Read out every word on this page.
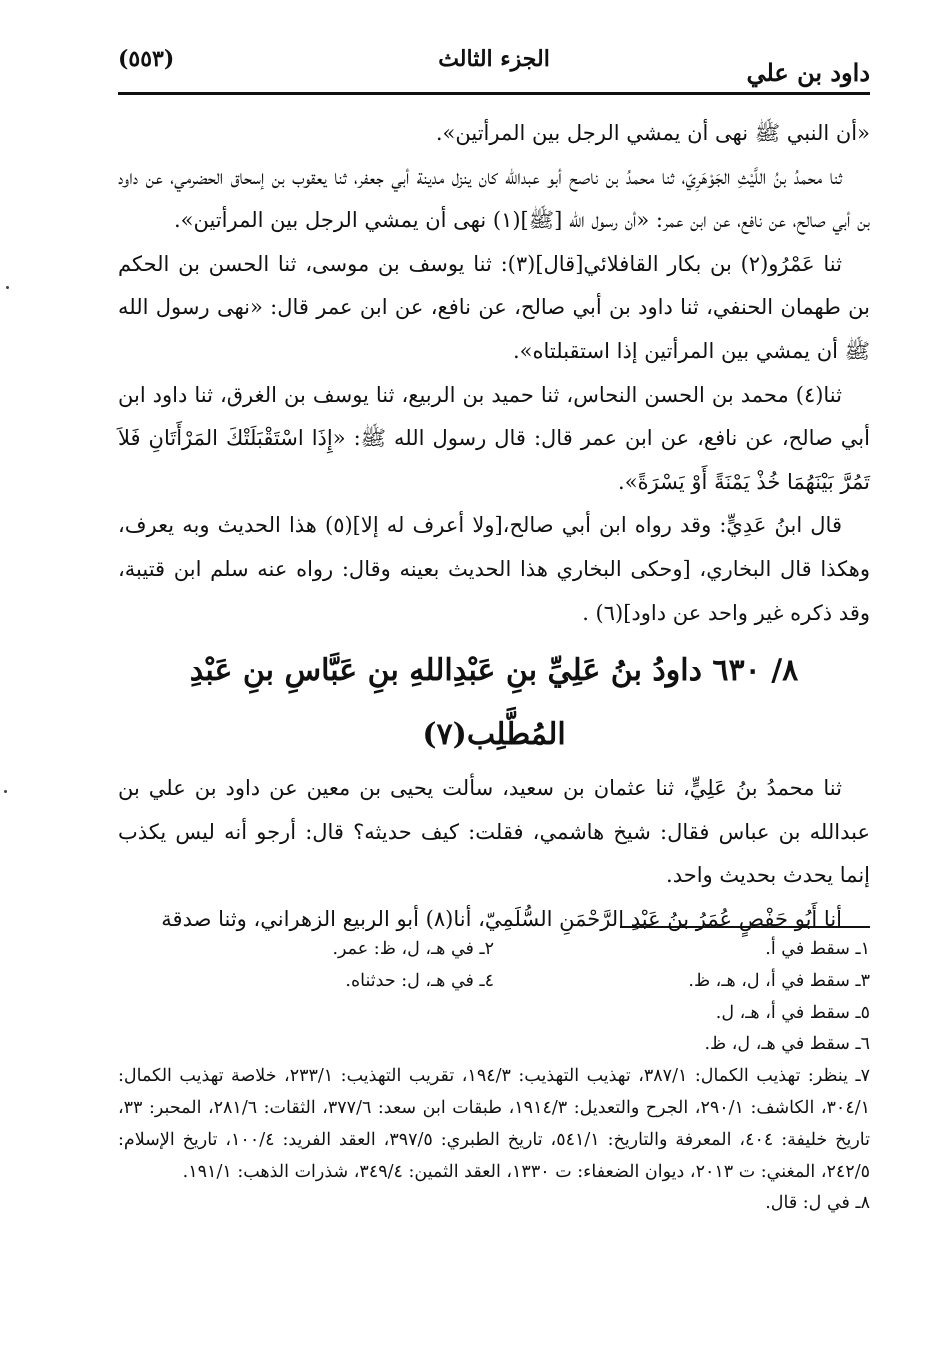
داود بن علي
الجزء الثالث
(٥٥٣)

«أن النبي ﷺ نهى أن يمشي الرجل بين المرأتين».

ثنا محمدُ بنُ اللَّيْثِ الجَوْهَرِيّ، ثنا محمدُ بن ناصح أبو عبدالله كان ينزل مدينة أبي جعفر، ثنا يعقوب بن إسحاق الحضرمي، عن داود بن أبي صالح، عن نافع، عن ابن عمر: «أن رسول الله [ﷺ](١) نهى أن يمشي الرجل بين المرأتين».

ثنا عَمْرُو(٢) بن بكار القافلائي[قال](٣): ثنا يوسف بن موسى، ثنا الحسن بن الحكم بن طهمان الحنفي، ثنا داود بن أبي صالح، عن نافع، عن ابن عمر قال: «نهى رسول الله ﷺ أن يمشي بين المرأتين إذا استقبلتاه».

ثنا(٤) محمد بن الحسن النحاس، ثنا حميد بن الربيع، ثنا يوسف بن الغرق، ثنا داود ابن أبي صالح، عن نافع، عن ابن عمر قال: قال رسول الله ﷺ: «إِذَا اسْتَقْبَلَتْكَ المَرْأَتَانِ فَلاَ تَمُرَّ بَيْنَهُمَا خُذْ يَمْنَةً أَوْ يَسْرَةً».

قال ابنُ عَدِيٍّ: وقد رواه ابن أبي صالح،[ولا أعرف له إلا](٥) هذا الحديث وبه يعرف، وهكذا قال البخاري، [وحكى البخاري هذا الحديث بعينه وقال: رواه عنه سلم ابن قتيبة، وقد ذكره غير واحد عن داود](٦) .

٨/ ٦٣٠ داودُ بنُ عَلِيِّ بنِ عَبْدِاللهِ بنِ عَبَّاسِ بنِ عَبْدِ المُطَّلِب(٧)

ثنا محمدُ بنُ عَلِيٍّ، ثنا عثمان بن سعيد، سألت يحيى بن معين عن داود بن علي بن عبدالله بن عباس فقال: شيخ هاشمي، فقلت: كيف حديثه؟ قال: أرجو أنه ليس يكذب إنما يحدث بحديث واحد.

أنا أَبُو حَفْصٍ عُمَرُ بنُ عَبْدِ الرَّحْمَنِ السُّلَمِيّ، أنا(٨) أبو الربيع الزهراني، وثنا صدقة

١ـ سقط في أ.
٢ـ في هـ، ل، ظ: عمر.
٣ـ سقط في أ، ل، هـ، ظ.
٤ـ في هـ، ل: حدثناه.
٥ـ سقط في أ، هـ، ل.
٦ـ سقط في هـ، ل، ظ.
٧ـ ينظر: تهذيب الكمال: ٣٨٧/١، تهذيب التهذيب: ١٩٤/٣، تقريب التهذيب: ٢٣٣/١، خلاصة تهذيب الكمال: ٣٠٤/١، الكاشف: ٢٩٠/١، الجرح والتعديل: ١٩١٤/٣، طبقات ابن سعد: ٣٧٧/٦، الثقات: ٢٨١/٦، المحبر: ٣٣، تاريخ خليفة: ٤٠٤، المعرفة والتاريخ: ٥٤١/١، تاريخ الطبري: ٣٩٧/٥، العقد الفريد: ١٠٠/٤، تاريخ الإسلام: ٢٤٢/٥، المغني: ت ٢٠١٣، ديوان الضعفاء: ت ١٣٣٠، العقد الثمين: ٣٤٩/٤، شذرات الذهب: ١٩١/١.
٨ـ في ل: قال.
